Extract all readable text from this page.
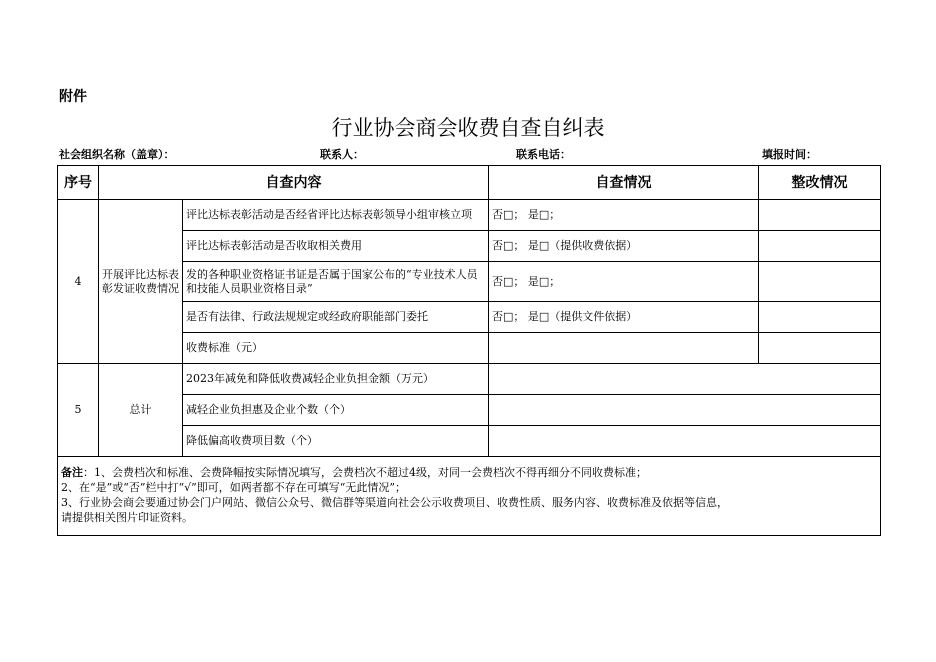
附件
行业协会商会收费自查自纠表
社会组织名称（盖章）：	联系人：	联系电话：	填报时间：
序号	自查内容		自查情况	整改情况
4	开展评比达标表彰发证收费情况	评比达标表彰活动是否经省评比达标表彰领导小组审核立项	否□； 是□；	
		评比达标表彰活动是否收取相关费用	否□； 是□（提供收费依据）	
		发的各种职业资格证书证是否属于国家公布的“专业技术人员和技能人员职业资格目录”	否□； 是□；	
		是否有法律、行政法规规定或经政府职能部门委托	否□； 是□（提供文件依据）	
		收费标准（元）		
5	总计	2023年减免和降低收费减轻企业负担金额（万元）		
		减轻企业负担惠及企业个数（个）		
		降低偏高收费项目数（个）		

备注：1、会费档次和标准、会费降幅按实际情况填写，会费档次不超过4级，对同一会费档次不得再细分不同收费标准；
2、在“是”或“否”栏中打“√”即可，如两者都不存在可填写“无此情况”；
3、行业协会商会要通过协会门户网站、微信公众号、微信群等渠道向社会公示收费项目、收费性质、服务内容、收费标准及依据等信息，
请提供相关图片印证资料。				
